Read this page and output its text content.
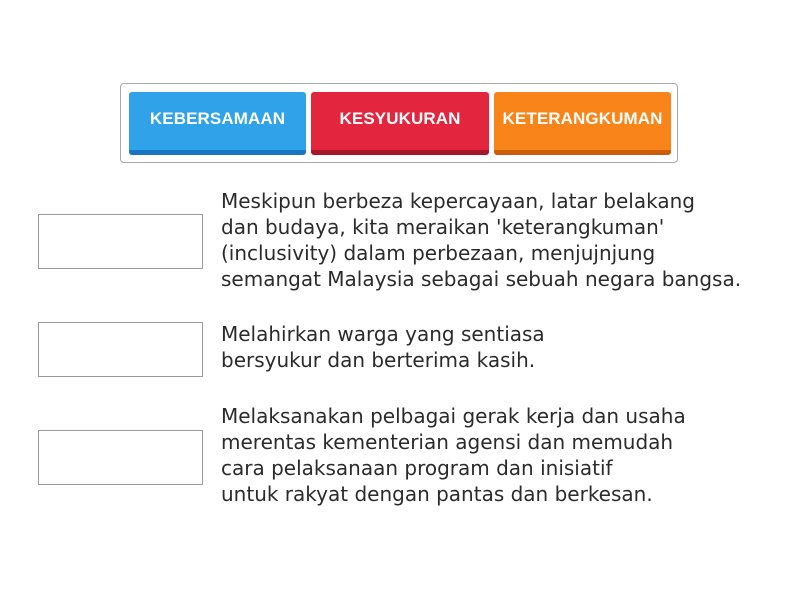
KEBERSAMAAN	KESYUKURAN KETERANGKUMAN
Meskipun berbeza kepercayaan, latar belakang
dan budaya, kita meraikan 'keterangkuman'
(inclusivity) dalam perbezaan, menjujnjung
semangat Malaysia sebagai sebuah negara bangsa.
Melahirkan warga yang sentiasa
bersyukur dan berterima kasih.
Melaksanakan pelbagai gerak kerja dan usaha
merentas kementerian agensi dan memudah
cara pelaksanaan program dan inisiatif
untuk rakyat dengan pantas dan berkesan.
